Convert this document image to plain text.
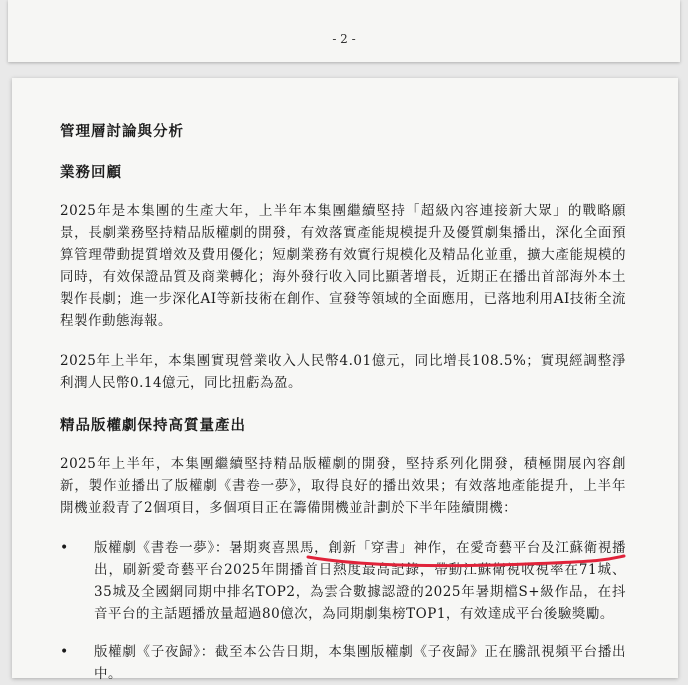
- 2 -

管理層討論與分析

業務回顧

2025年是本集團的生產大年，上半年本集團繼續堅持「超級內容連接新大眾」的戰略願景，長劇業務堅持精品版權劇的開發，有效落實產能規模提升及優質劇集播出，深化全面預算管理帶動提質增效及費用優化；短劇業務有效實行規模化及精品化並重，擴大產能規模的同時，有效保證品質及商業轉化；海外發行收入同比顯著增長，近期正在播出首部海外本土製作長劇；進一步深化AI等新技術在創作、宣發等領域的全面應用，已落地利用AI技術全流程製作動態海報。

2025年上半年，本集團實現營業收入人民幣4.01億元，同比增長108.5%；實現經調整淨利潤人民幣0.14億元，同比扭虧為盈。

精品版權劇保持高質量產出

2025年上半年，本集團繼續堅持精品版權劇的開發，堅持系列化開發，積極開展內容創新，製作並播出了版權劇《書卷一夢》，取得良好的播出效果；有效落地產能提升，上半年開機並殺青了2個項目，多個項目正在籌備開機並計劃於下半年陸續開機：

• 版權劇《書卷一夢》：暑期爽喜黑馬，創新「穿書」神作，在愛奇藝平台及江蘇衛視播出，刷新愛奇藝平台2025年開播首日熱度最高記錄，帶動江蘇衛視收視率在71城、35城及全國網同期中排名TOP2，為雲合數據認證的2025年暑期檔S+級作品，在抖音平台的主話題播放量超過80億次，為同期劇集榜TOP1，有效達成平台後驗獎勵。
• 版權劇《子夜歸》：截至本公告日期，本集團版權劇《子夜歸》正在騰訊視頻平台播出中。
